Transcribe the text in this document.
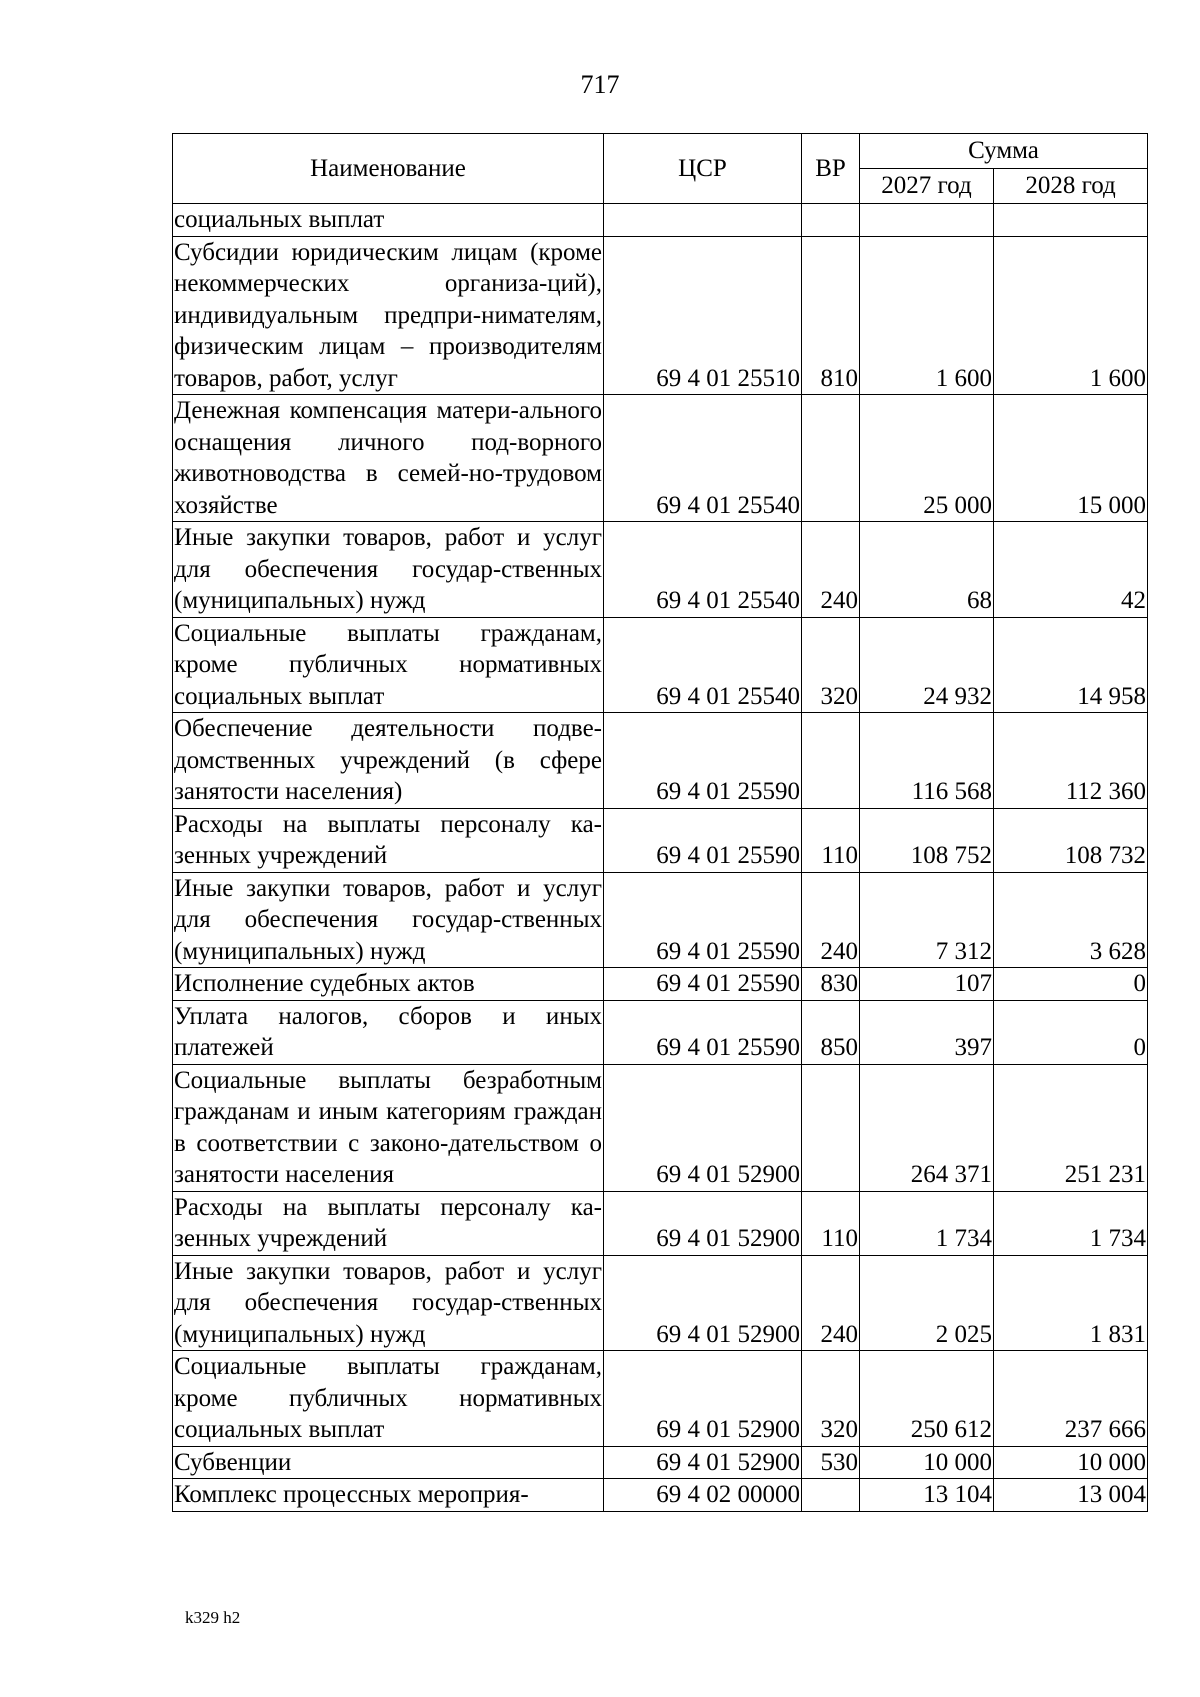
717
Наименование	ЦСР	ВР	Сумма	
			2027 год	2028 год
социальных выплат				
Субсидии юридическим лицам (кроме некоммерческих организа-ций), индивидуальным предпри-нимателям, физическим лицам – производителям товаров, работ, услуг	69 4 01 25510	810	1 600	1 600
Денежная компенсация матери-ального оснащения личного под-ворного животноводства в семей-но-трудовом хозяйстве	69 4 01 25540		25 000	15 000
Иные закупки товаров, работ и услуг для обеспечения государ-ственных (муниципальных) нужд	69 4 01 25540	240	68	42
Социальные выплаты гражданам, кроме публичных нормативных социальных выплат	69 4 01 25540	320	24 932	14 958
Обеспечение деятельности подве-домственных учреждений (в сфере занятости населения)	69 4 01 25590		116 568	112 360
Расходы на выплаты персоналу ка-зенных учреждений	69 4 01 25590	110	108 752	108 732
Иные закупки товаров, работ и услуг для обеспечения государ-ственных (муниципальных) нужд	69 4 01 25590	240	7 312	3 628
Исполнение судебных актов	69 4 01 25590	830	107	0
Уплата налогов, сборов и иных платежей	69 4 01 25590	850	397	0
Социальные выплаты безработным гражданам и иным категориям граждан в соответствии с законо-дательством о занятости населения	69 4 01 52900		264 371	251 231
Расходы на выплаты персоналу ка-зенных учреждений	69 4 01 52900	110	1 734	1 734
Иные закупки товаров, работ и услуг для обеспечения государ-ственных (муниципальных) нужд	69 4 01 52900	240	2 025	1 831
Социальные выплаты гражданам, кроме публичных нормативных социальных выплат	69 4 01 52900	320	250 612	237 666
Субвенции	69 4 01 52900	530	10 000	10 000
Комплекс процессных мероприя-	69 4 02 00000		13 104	13 004
k329 h2
